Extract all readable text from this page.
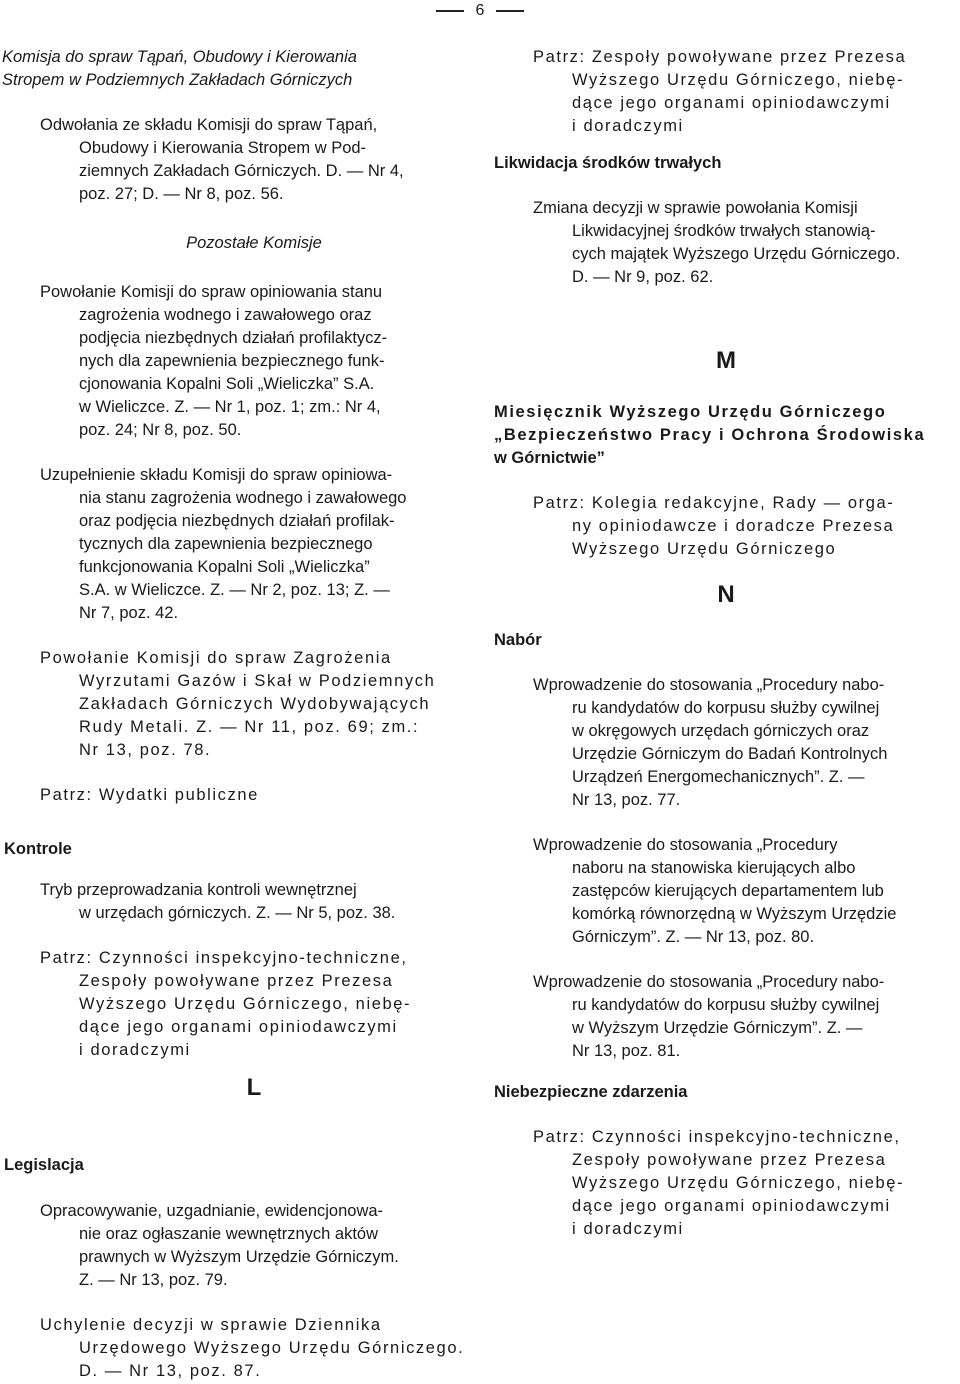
6

Komisja do spraw Tąpań, Obudowy i Kierowania
Stropem w Podziemnych Zakładach Górniczych

Odwołania ze składu Komisji do spraw Tąpań,
Obudowy i Kierowania Stropem w Pod-
ziemnych Zakładach Górniczych. D. — Nr 4,
poz. 27; D. — Nr 8, poz. 56.

Pozostałe Komisje

Powołanie Komisji do spraw opiniowania stanu
zagrożenia wodnego i zawałowego oraz
podjęcia niezbędnych działań profilaktycz-
nych dla zapewnienia bezpiecznego funk-
cjonowania Kopalni Soli „Wieliczka” S.A.
w Wieliczce. Z. — Nr 1, poz. 1; zm.: Nr 4,
poz. 24; Nr 8, poz. 50.
Uzupełnienie składu Komisji do spraw opiniowa-
nia stanu zagrożenia wodnego i zawałowego
oraz podjęcia niezbędnych działań profilak-
tycznych dla zapewnienia bezpiecznego
funkcjonowania Kopalni Soli „Wieliczka”
S.A. w Wieliczce. Z. — Nr 2, poz. 13; Z. —
Nr 7, poz. 42.
Powołanie Komisji do spraw Zagrożenia
Wyrzutami Gazów i Skał w Podziemnych
Zakładach Górniczych Wydobywających
Rudy Metali. Z. — Nr 11, poz. 69; zm.:
Nr 13, poz. 78.

Patrz: Wydatki publiczne

Tryb przeprowadzania kontroli wewnętrznej
w urzędach górniczych. Z. — Nr 5, poz. 38.
Patrz: Czynności inspekcyjno-techniczne,
Zespoły powoływane przez Prezesa
Wyższego Urzędu Górniczego, niebę-
dące jego organami opiniodawczymi
i doradczymi

L

Opracowywanie, uzgadnianie, ewidencjonowa-
nie oraz ogłaszanie wewnętrznych aktów
prawnych w Wyższym Urzędzie Górniczym.
Z. — Nr 13, poz. 79.
Uchylenie decyzji w sprawie Dziennika
Urzędowego Wyższego Urzędu Górniczego.
D. — Nr 13, poz. 87.
Kontrole
Legislacja
Patrz: Zespoły powoływane przez Prezesa
Wyższego Urzędu Górniczego, niebę-
dące jego organami opiniodawczymi
i doradczymi

Likwidacja środków trwałych

Zmiana decyzji w sprawie powołania Komisji
Likwidacyjnej środków trwałych stanowią-
cych majątek Wyższego Urzędu Górniczego.
D. — Nr 9, poz. 62.

M

Miesięcznik Wyższego Urzędu Górniczego
„Bezpieczeństwo Pracy i Ochrona Środowiska
w Górnictwie”

Patrz: Kolegia redakcyjne, Rady — orga-
ny opiniodawcze i doradcze Prezesa
Wyższego Urzędu Górniczego

N

Nabór

Wprowadzenie do stosowania „Procedury nabo-
ru kandydatów do korpusu służby cywilnej
w okręgowych urzędach górniczych oraz
Urzędzie Górniczym do Badań Kontrolnych
Urządzeń Energomechanicznych”. Z. —
Nr 13, poz. 77.
Wprowadzenie do stosowania „Procedury
naboru na stanowiska kierujących albo
zastępców kierujących departamentem lub
komórką równorzędną w Wyższym Urzędzie
Górniczym”. Z. — Nr 13, poz. 80.
Wprowadzenie do stosowania „Procedury nabo-
ru kandydatów do korpusu służby cywilnej
w Wyższym Urzędzie Górniczym”. Z. —
Nr 13, poz. 81.

Niebezpieczne zdarzenia

Patrz: Czynności inspekcyjno-techniczne,
Zespoły powoływane przez Prezesa
Wyższego Urzędu Górniczego, niebę-
dące jego organami opiniodawczymi
i doradczymi
